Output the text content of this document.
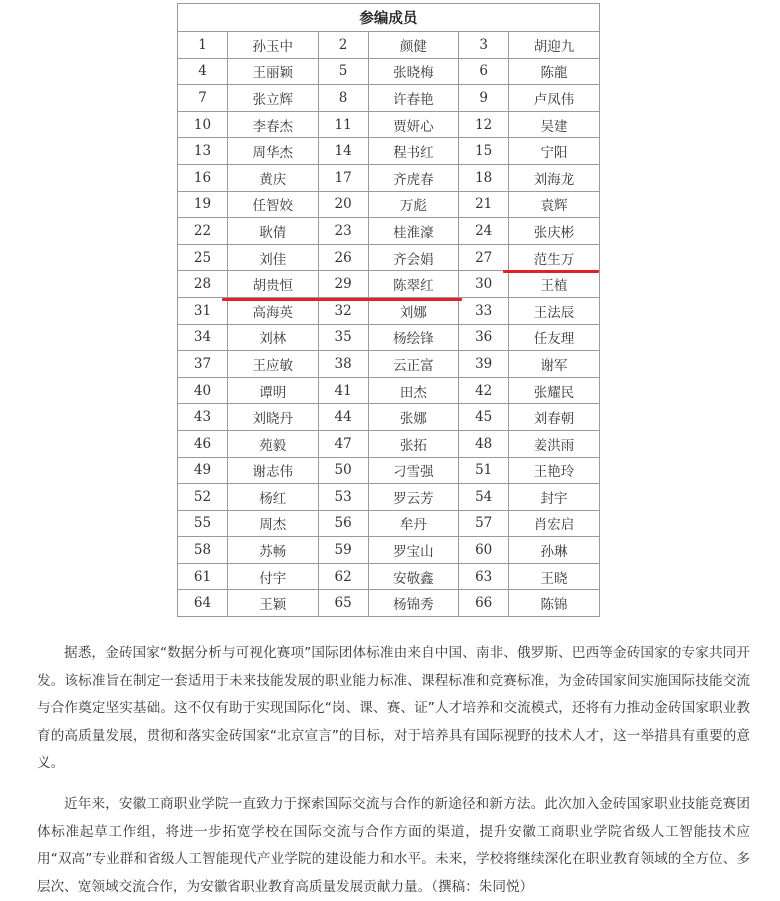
参编成员					
1	孙玉中	2	颜健	3	胡迎九
4	王丽颖	5	张晓梅	6	陈龍
7	张立辉	8	许春艳	9	卢凤伟
10	李春杰	11	贾妍心	12	吴建
13	周华杰	14	程书红	15	宁阳
16	黄庆	17	齐虎春	18	刘海龙
19	任智姣	20	万彪	21	袁辉
22	耿倩	23	桂淮濠	24	张庆彬
25	刘佳	26	齐会娟	27	范生万
28	胡贵恒	29	陈翠红	30	王植
31	高海英	32	刘娜	33	王法辰
34	刘林	35	杨绘锋	36	任友理
37	王应敏	38	云正富	39	谢军
40	谭明	41	田杰	42	张耀民
43	刘晓丹	44	张娜	45	刘春朝
46	苑毅	47	张拓	48	姜洪雨
49	谢志伟	50	刁雪强	51	王艳玲
52	杨红	53	罗云芳	54	封宇
55	周杰	56	牟丹	57	肖宏启
58	苏畅	59	罗宝山	60	孙琳
61	付宇	62	安敬鑫	63	王晓
64	王颖	65	杨锦秀	66	陈锦

据悉，金砖国家“数据分析与可视化赛项”国际团体标准由来自中国、南非、俄罗斯、巴西等金砖国家的专家共同开发。该标准旨在制定一套适用于未来技能发展的职业能力标准、课程标准和竞赛标准，为金砖国家间实施国际技能交流与合作奠定坚实基础。这不仅有助于实现国际化“岗、课、赛、证”人才培养和交流模式，还将有力推动金砖国家职业教育的高质量发展，贯彻和落实金砖国家“北京宣言”的目标，对于培养具有国际视野的技术人才，这一举措具有重要的意义。

近年来，安徽工商职业学院一直致力于探索国际交流与合作的新途径和新方法。此次加入金砖国家职业技能竞赛团体标准起草工作组，将进一步拓宽学校在国际交流与合作方面的渠道，提升安徽工商职业学院省级人工智能技术应用“双高”专业群和省级人工智能现代产业学院的建设能力和水平。未来，学校将继续深化在职业教育领域的全方位、多层次、宽领域交流合作，为安徽省职业教育高质量发展贡献力量。（撰稿：朱同悦）
